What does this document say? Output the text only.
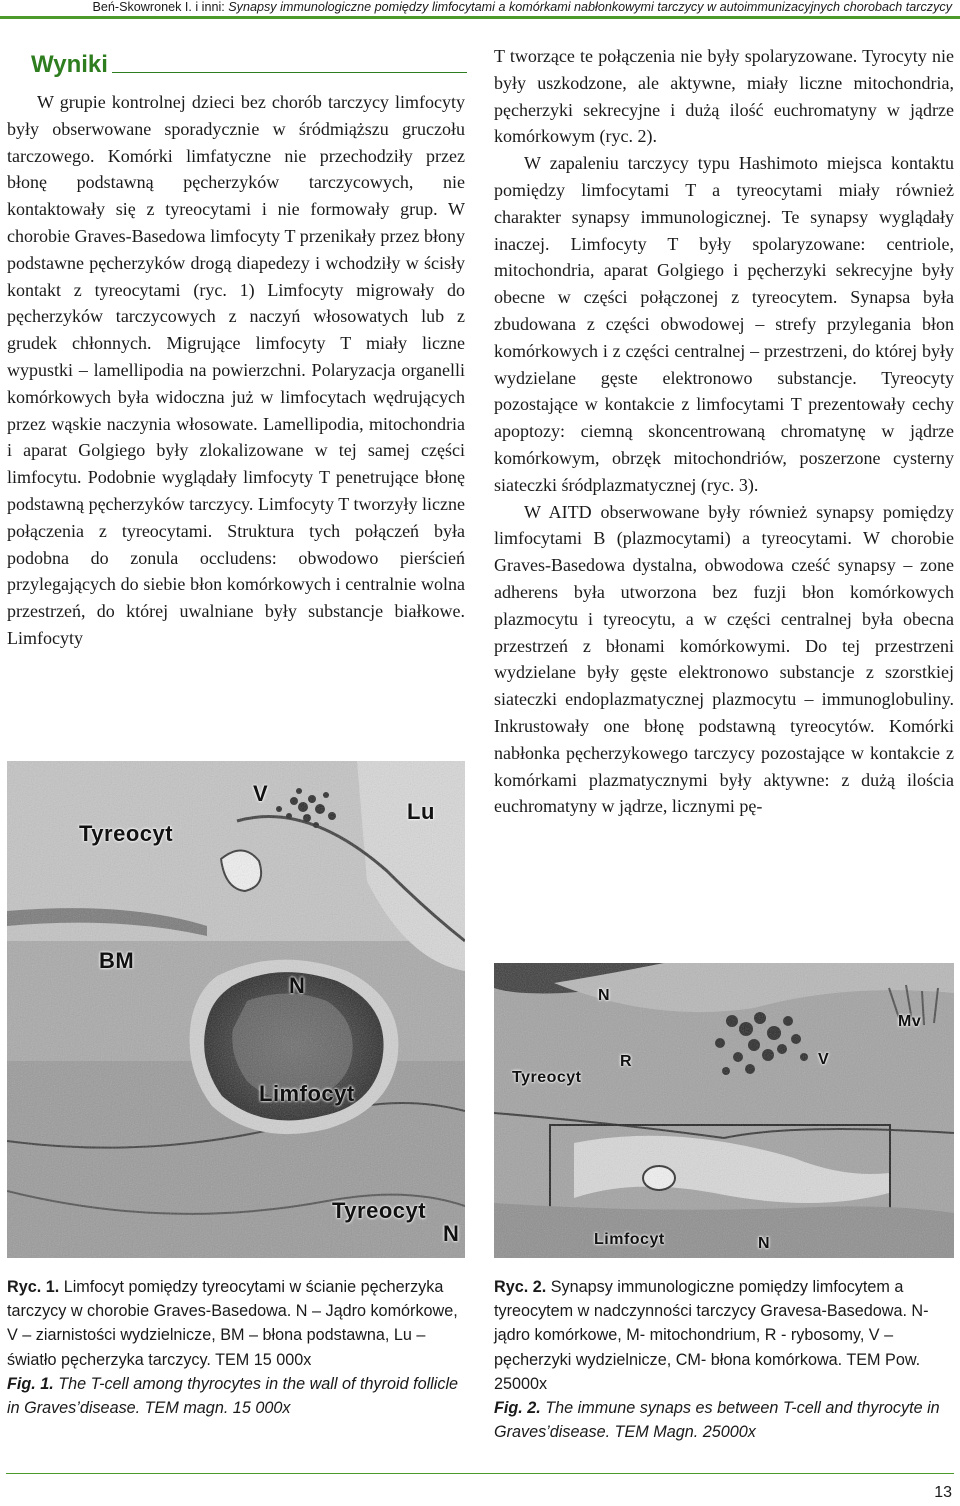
Beń-Skowronek I. i inni: Synapsy immunologiczne pomiędzy limfocytami a komórkami nabłonkowymi tarczycy w autoimmunizacyjnych chorobach tarczycy
Wyniki

W grupie kontrolnej dzieci bez chorób tarczycy limfocyty były obserwowane sporadycznie w śródmiąższu gruczołu tarczowego. Komórki limfatyczne nie przechodziły przez błonę podstawną pęcherzyków tarczycowych, nie kontaktowały się z tyreocytami i nie formowały grup. W chorobie Graves-Basedowa limfocyty T przenikały przez błony podstawne pęcherzyków drogą diapedezy i wchodziły w ścisły kontakt z tyreocytami (ryc. 1) Limfocyty migrowały do pęcherzyków tarczycowych z naczyń włosowatych lub z grudek chłonnych. Migrujące limfocyty T miały liczne wypustki – lamellipodia na powierzchni. Polaryzacja organelli komórkowych była widoczna już w limfocytach wędrujących przez wąskie naczynia włosowate. Lamellipodia, mitochondria i aparat Golgiego były zlokalizowane w tej samej części limfocytu. Podobnie wyglądały limfocyty T penetrujące błonę podstawną pęcherzyków tarczycy. Limfocyty T tworzyły liczne połączenia z tyreocytami. Struktura tych połączeń była podobna do zonula occludens: obwodowo pierścień przylegających do siebie błon komórkowych i centralnie wolna przestrzeń, do której uwalniane były substancje białkowe. Limfocyty

T tworzące te połączenia nie były spolaryzowane. Tyrocyty nie były uszkodzone, ale aktywne, miały liczne mitochondria, pęcherzyki sekrecyjne i dużą ilość euchromatyny w jądrze komórkowym (ryc. 2).

W zapaleniu tarczycy typu Hashimoto miejsca kontaktu pomiędzy limfocytami T a tyreocytami miały również charakter synapsy immunologicznej. Te synapsy wyglądały inaczej. Limfocyty T były spolaryzowane: centriole, mitochondria, aparat Golgiego i pęcherzyki sekrecyjne były obecne w części połączonej z tyreocytem. Synapsa była zbudowana z części obwodowej – strefy przylegania błon komórkowych i z części centralnej – przestrzeni, do której były wydzielane gęste elektronowo substancje. Tyreocyty pozostające w kontakcie z limfocytami T prezentowały cechy apoptozy: ciemną skoncentrowaną chromatynę w jądrze komórkowym, obrzęk mitochondriów, poszerzone cysterny siateczki śródplazmatycznej (ryc. 3).

W AITD obserwowane były również synapsy pomiędzy limfocytami B (plazmocytami) a tyreocytami. W chorobie Graves-Basedowa dystalna, obwodowa cześć synapsy – zone adherens była utworzona bez fuzji błon komórkowych plazmocytu i tyreocytu, a w części centralnej była obecna przestrzeń z błonami komórkowymi. Do tej przestrzeni wydzielane były gęste elektronowo substancje z szorstkiej siateczki endoplazmatycznej plazmocytu – immunoglobuliny. Inkrustowały one błonę podstawną tyreocytów. Komórki nabłonka pęcherzykowego tarczycy pozostające w kontakcie z komórkami plazmatycznymi były aktywne: z dużą ilościa euchromatyny w jądrze, licznymi pę-

V
Lu
Tyreocyt
BM
N
Limfocyt
Tyreocyt
N
N
Mv
R	V
Tyreocyt
Limfocyt	N
Ryc. 1. Limfocyt pomiędzy tyreocytami w ścianie pęcherzyka tarczycy w chorobie Graves-Basedowa. N – Jądro komórkowe, V – ziarnistości wydzielnicze, BM – błona podstawna, Lu – światło pęcherzyka tarczycy. TEM 15 000x
Fig. 1. The T-cell among thyrocytes in the wall of thyroid follicle in Graves’disease. TEM magn. 15 000x
Ryc. 2. Synapsy immunologiczne pomiędzy limfocytem a tyreocytem w nadczynności tarczycy Gravesa-Basedowa. N- jądro komórkowe, M- mitochondrium, R - rybosomy, V – pęcherzyki wydzielnicze, CM- błona komórkowa. TEM Pow. 25000x
Fig. 2. The immune synaps es between T-cell and thyrocyte in Graves’disease. TEM Magn. 25000x
13
